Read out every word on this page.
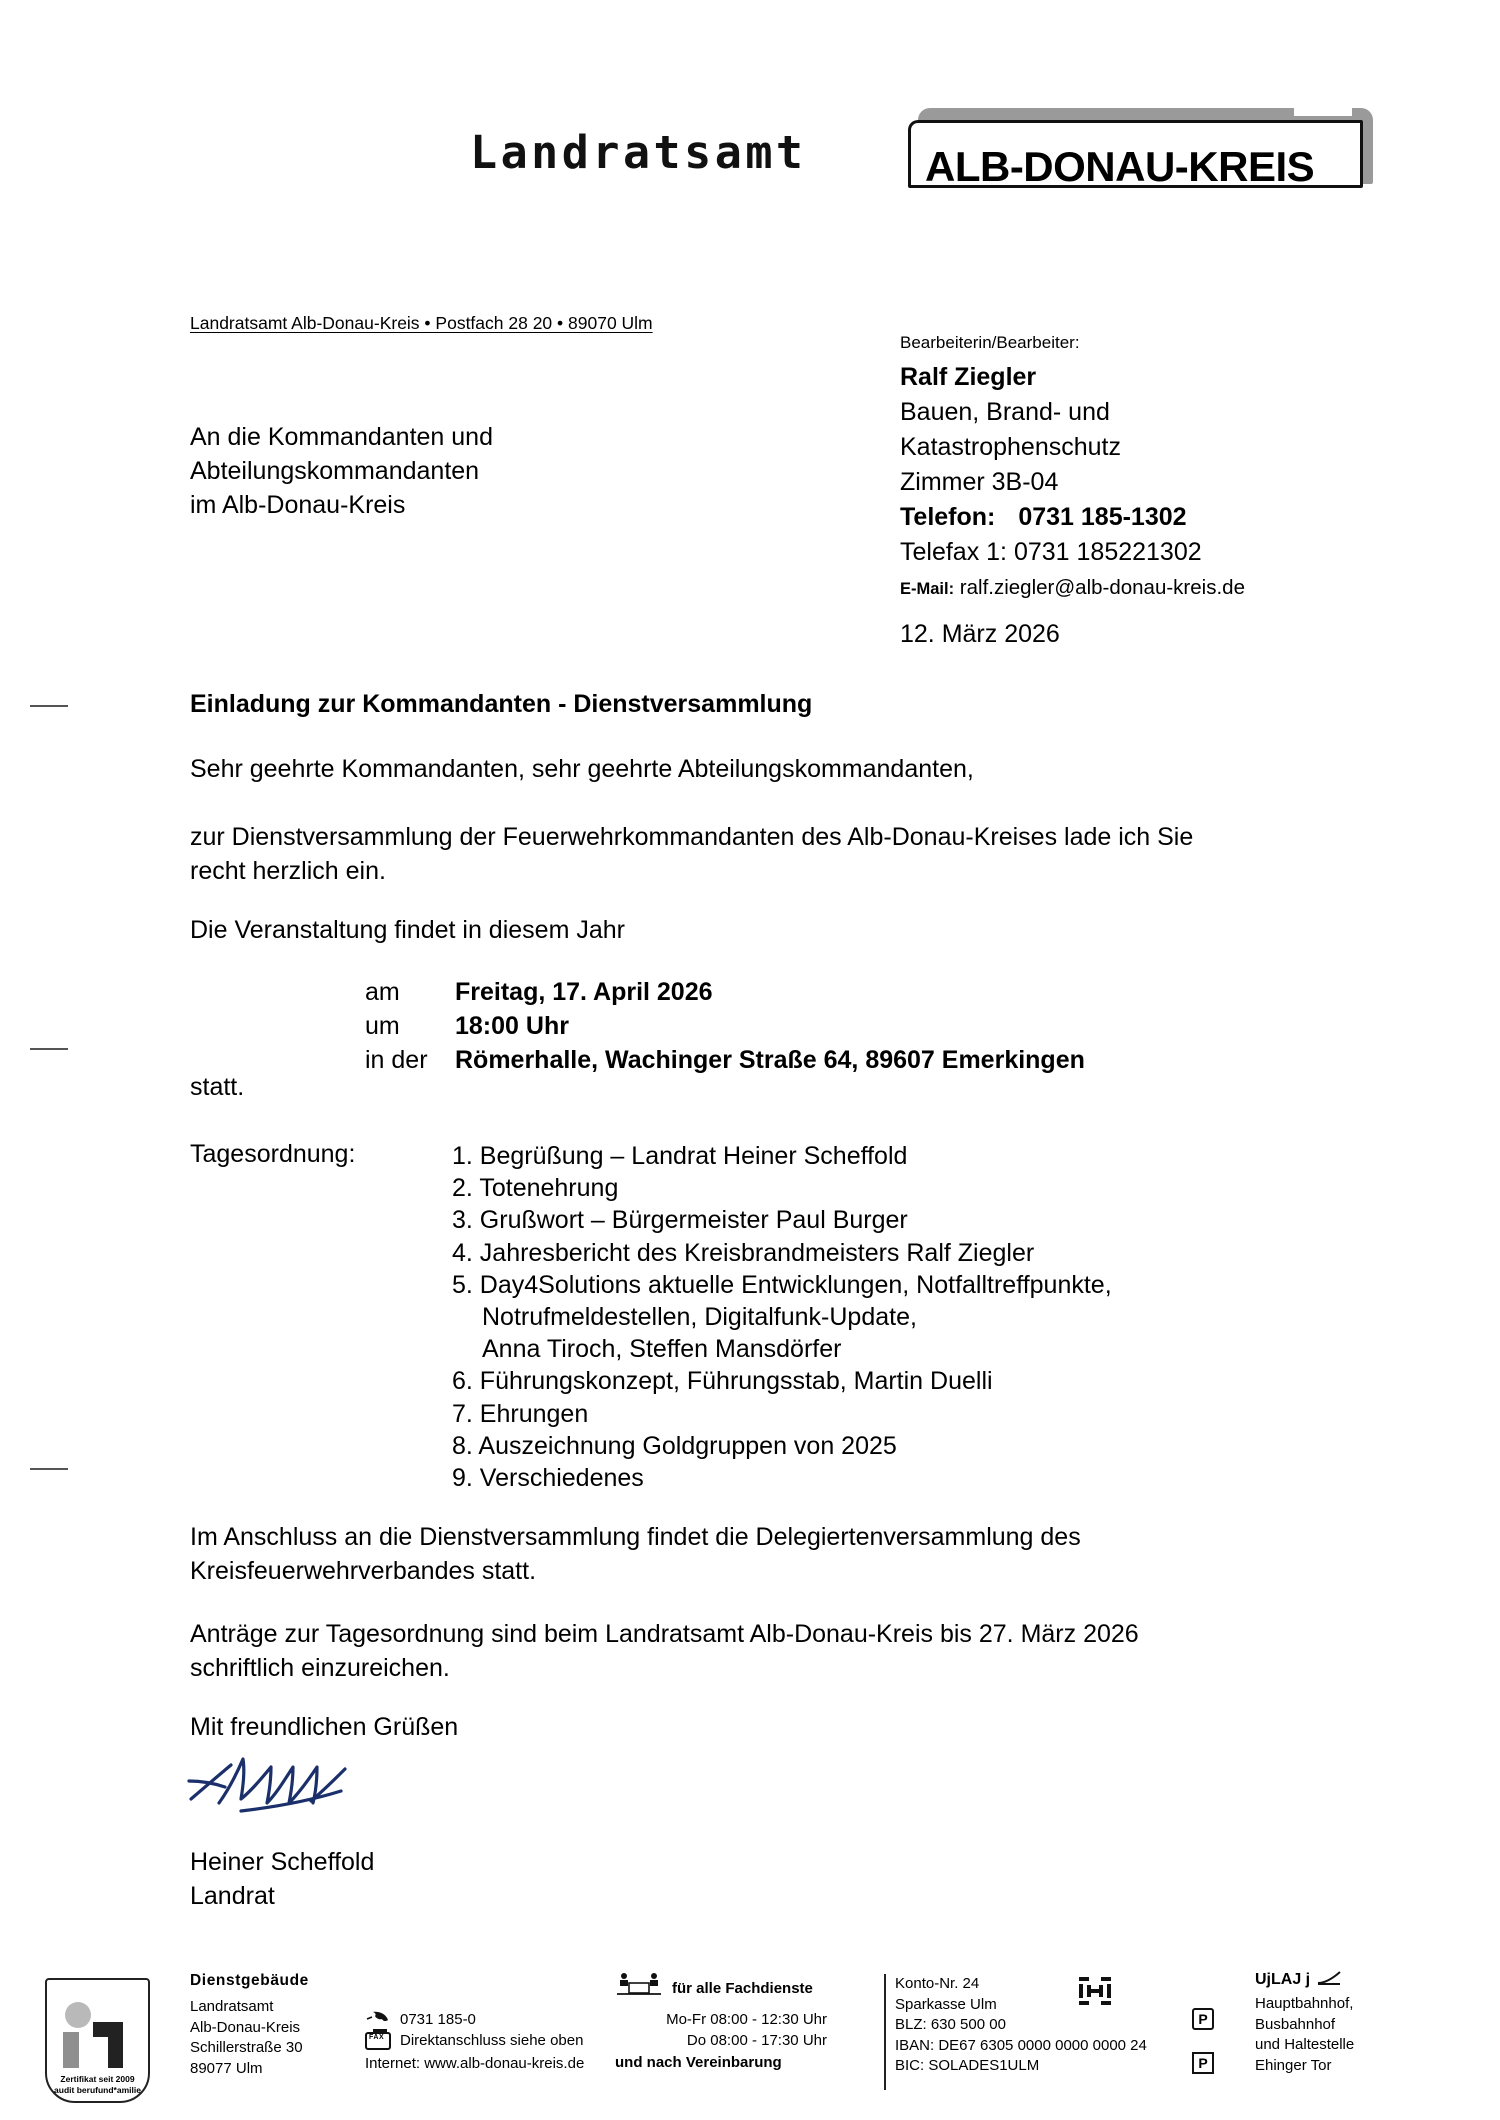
Landratsamt	ALB-DONAU-KREIS
Landratsamt Alb-Donau-Kreis • Postfach 28 20 • 89070 Ulm
An die Kommandanten und
Abteilungskommandanten
im Alb-Donau-Kreis
Bearbeiterin/Bearbeiter:
Ralf Ziegler
Bauen, Brand- und
Katastrophenschutz
Zimmer 3B-04
Telefon: 0731 185-1302
Telefax 1: 0731 185221302
E-Mail: ralf.ziegler@alb-donau-kreis.de
12. März 2026
Einladung zur Kommandanten - Dienstversammlung
Sehr geehrte Kommandanten, sehr geehrte Abteilungskommandanten,
zur Dienstversammlung der Feuerwehrkommandanten des Alb-Donau-Kreises lade ich Sie
recht herzlich ein.
Die Veranstaltung findet in diesem Jahr
am	Freitag, 17. April 2026
um	18:00 Uhr
in der	Römerhalle, Wachinger Straße 64, 89607 Emerkingen
statt.
Tagesordnung:	1. Begrüßung – Landrat Heiner Scheffold
2. Totenehrung
3. Grußwort – Bürgermeister Paul Burger
4. Jahresbericht des Kreisbrandmeisters Ralf Ziegler
5. Day4Solutions aktuelle Entwicklungen, Notfalltreffpunkte,
Notrufmeldestellen, Digitalfunk-Update,
Anna Tiroch, Steffen Mansdörfer
6. Führungskonzept, Führungsstab, Martin Duelli
7. Ehrungen
8. Auszeichnung Goldgruppen von 2025
9. Verschiedenes
Im Anschluss an die Dienstversammlung findet die Delegiertenversammlung des
Kreisfeuerwehrverbandes statt.
Anträge zur Tagesordnung sind beim Landratsamt Alb-Donau-Kreis bis 27. März 2026
schriftlich einzureichen.
Mit freundlichen Grüßen
Heiner Scheffold
Landrat
Zertifikat seit 2009
audit berufund*amilie
Dienstgebäude
Landratsamt
Alb-Donau-Kreis
Schillerstraße 30
89077 Ulm
0731 185-0
FAX
Direktanschluss siehe oben
Internet: www.alb-donau-kreis.de
für alle Fachdienste
Mo-Fr 08:00 - 12:30 Uhr
Do 08:00 - 17:30 Uhr
und nach Vereinbarung
Konto-Nr. 24
Sparkasse Ulm
BLZ: 630 500 00
IBAN: DE67 6305 0000 0000 0000 24
BIC: SOLADES1ULM
UjLAJ j
Hauptbahnhof,
Busbahnhof
und Haltestelle
Ehinger Tor
P
P
